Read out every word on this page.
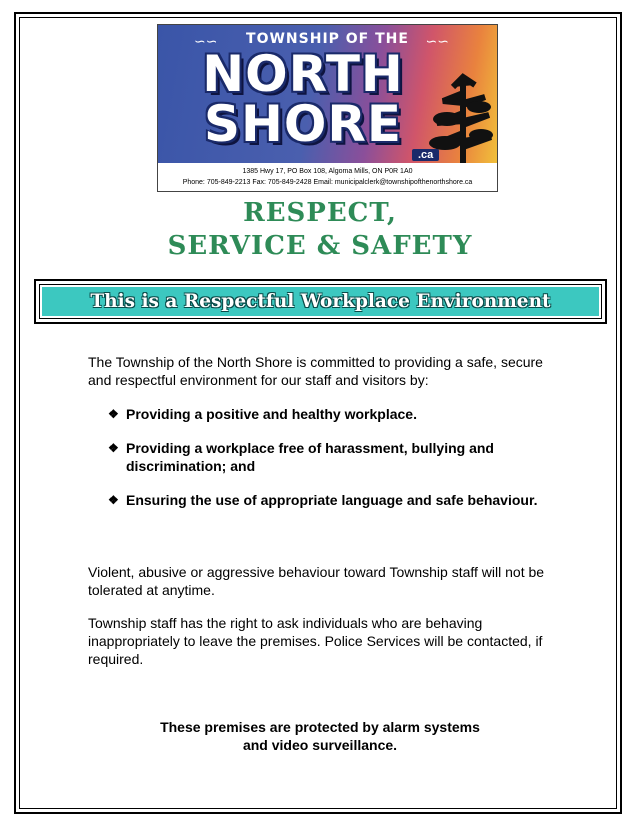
∽∽	∽∽
TOWNSHIP OF THE
NORTH
SHORE
.ca
1385 Hwy 17, PO Box 108, Algoma Mills, ON P0R 1A0
Phone: 705-849-2213 Fax: 705-849-2428 Email: municipalclerk@townshipofthenorthshore.ca
RESPECT,
SERVICE & SAFETY
This is a Respectful Workplace Environment
The Township of the North Shore is committed to providing a safe, secure and respectful environment for our staff and visitors by:
❖ Providing a positive and healthy workplace.
❖ Providing a workplace free of harassment, bullying and discrimination; and
❖ Ensuring the use of appropriate language and safe behaviour.
Violent, abusive or aggressive behaviour toward Township staff will not be tolerated at anytime.
Township staff has the right to ask individuals who are behaving inappropriately to leave the premises. Police Services will be contacted, if required.
These premises are protected by alarm systems
and video surveillance.
